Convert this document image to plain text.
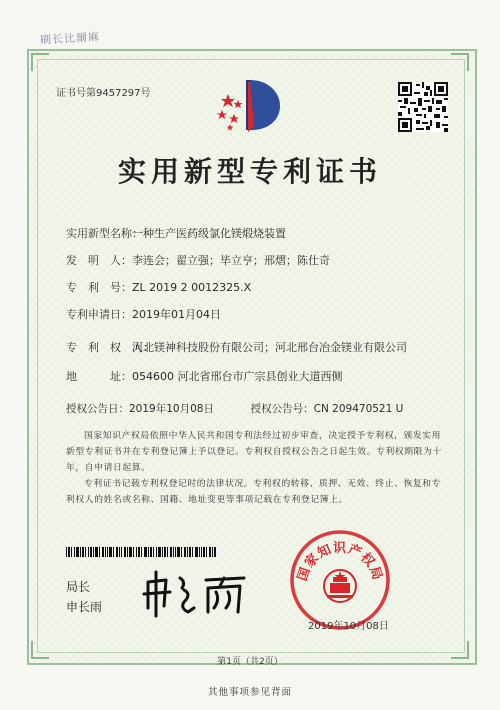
刷长比爾麻
证书号第9457297号
实用新型专利证书
实用新型名称：一种生产医药级氯化镁煅烧装置
发　明　人：李连会；翟立强；毕立亨；邢熠；陈仕奇
专　利　号：ZL 2019 2 0012325.X
专利申请日：2019年01月04日
专　利　权　人：河北镁神科技股份有限公司；河北邢台冶金镁业有限公司
地　　　址：054600 河北省邢台市广宗县创业大道西侧
授权公告日：2019年10月08日	授权公告号：CN 209470521 U
国家知识产权局依照中华人民共和国专利法经过初步审查，决定授予专利权，颁发实用新型专利证书并在专利登记簿上予以登记。专利权自授权公告之日起生效。专利权期限为十年，自申请日起算。
专利证书记载专利权登记时的法律状况。专利权的转移、质押、无效、终止、恢复和专利权人的姓名或名称、国籍、地址变更等事项记载在专利登记簿上。
局长
申长雨
国家知识产权局
2019年10月08日
第1页（共2页）
其他事项参见背面
